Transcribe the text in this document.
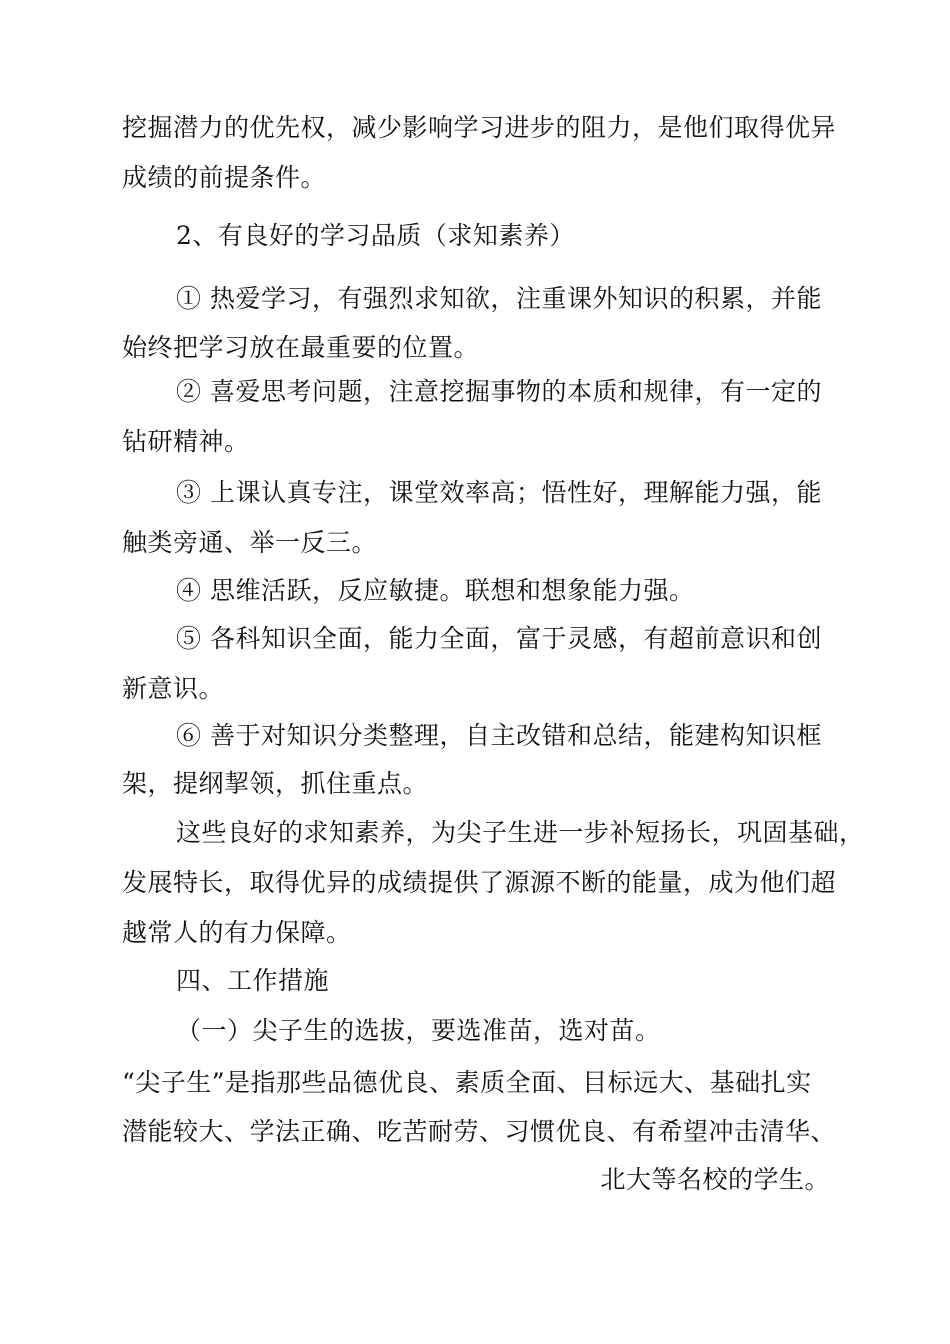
挖掘潜力的优先权，减少影响学习进步的阻力，是他们取得优异
成绩的前提条件。
2、有良好的学习品质（求知素养）
① 热爱学习，有强烈求知欲，注重课外知识的积累，并能
始终把学习放在最重要的位置。
② 喜爱思考问题，注意挖掘事物的本质和规律，有一定的
钻研精神。
③ 上课认真专注，课堂效率高；悟性好，理解能力强，能
触类旁通、举一反三。
④ 思维活跃，反应敏捷。联想和想象能力强。
⑤ 各科知识全面，能力全面，富于灵感，有超前意识和创
新意识。
⑥ 善于对知识分类整理，自主改错和总结，能建构知识框
架，提纲挈领，抓住重点。
这些良好的求知素养，为尖子生进一步补短扬长，巩固基础，
发展特长，取得优异的成绩提供了源源不断的能量，成为他们超
越常人的有力保障。
四、工作措施
（一）尖子生的选拔，要选准苗，选对苗。
“尖子生”是指那些品德优良、素质全面、目标远大、基础扎实
潜能较大、学法正确、吃苦耐劳、习惯优良、有希望冲击清华、
北大等名校的学生。
